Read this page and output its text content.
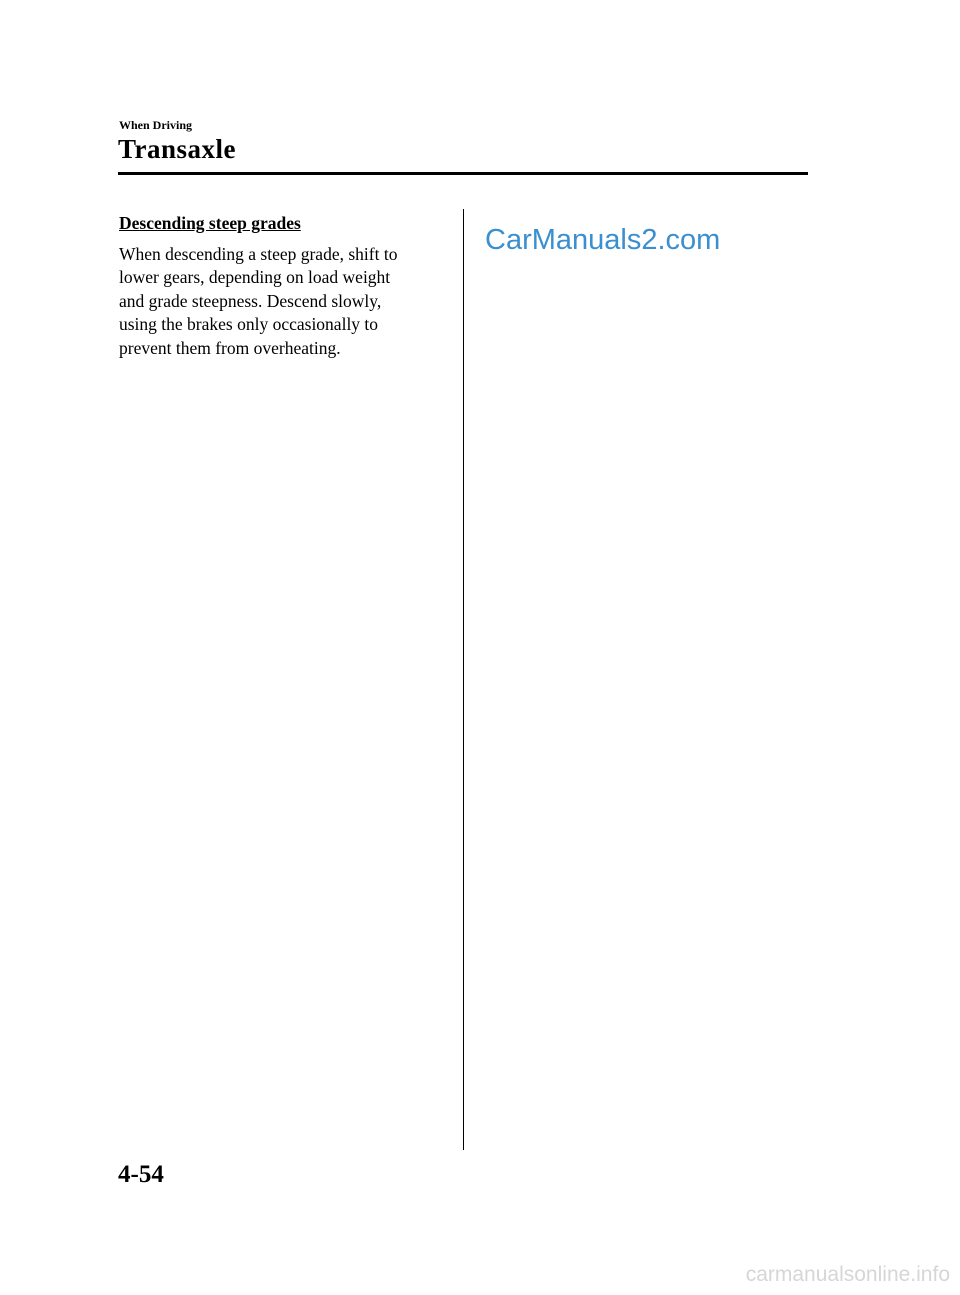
When Driving
Transaxle
Descending steep grades

When descending a steep grade, shift to
lower gears, depending on load weight
and grade steepness. Descend slowly,
using the brakes only occasionally to
prevent them from overheating.

CarManuals2.com
4-54
carmanualsonline.info
